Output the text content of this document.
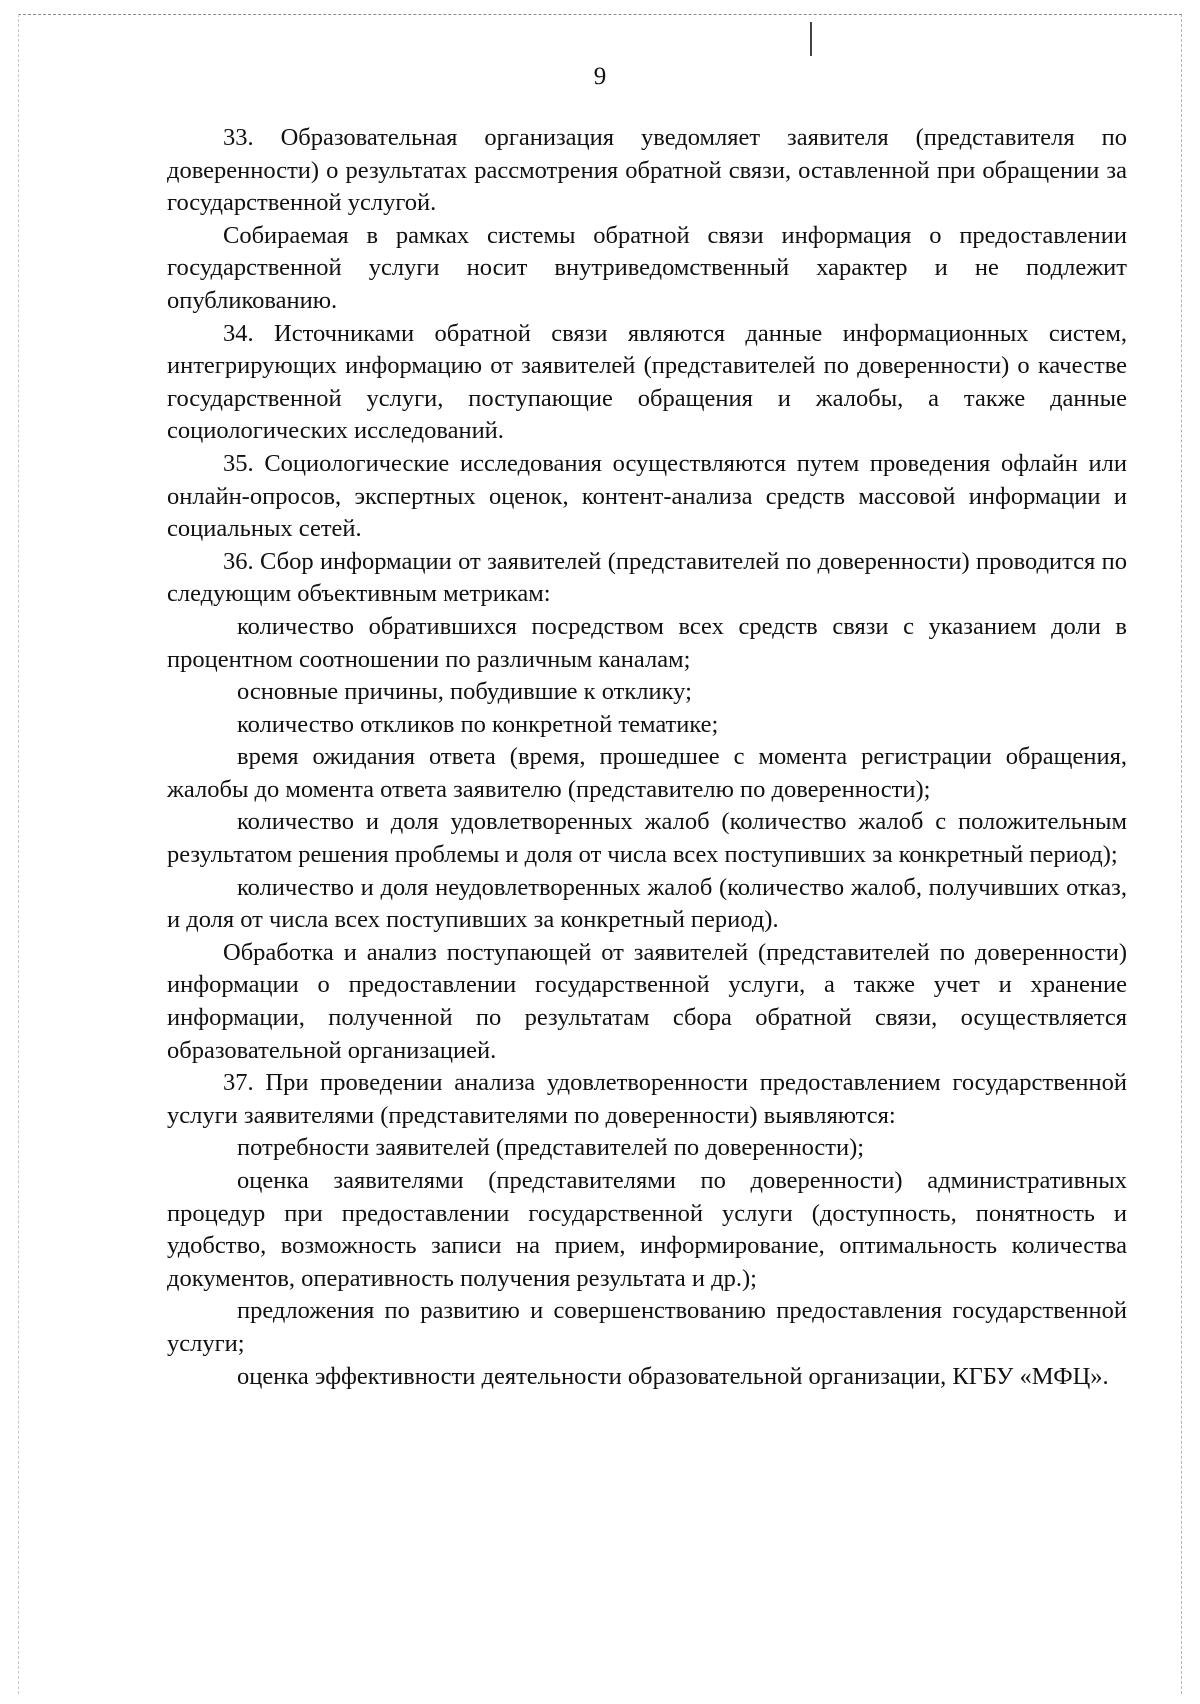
9

33. Образовательная организация уведомляет заявителя (представителя по доверенности) о результатах рассмотрения обратной связи, оставленной при обращении за государственной услугой.

Собираемая в рамках системы обратной связи информация о предоставлении государственной услуги носит внутриведомственный характер и не подлежит опубликованию.

34. Источниками обратной связи являются данные информационных систем, интегрирующих информацию от заявителей (представителей по доверенности) о качестве государственной услуги, поступающие обращения и жалобы, а также данные социологических исследований.

35. Социологические исследования осуществляются путем проведения офлайн или онлайн-опросов, экспертных оценок, контент-анализа средств массовой информации и социальных сетей.

36. Сбор информации от заявителей (представителей по доверенности) проводится по следующим объективным метрикам:

количество обратившихся посредством всех средств связи с указанием доли в процентном соотношении по различным каналам;

основные причины, побудившие к отклику;

количество откликов по конкретной тематике;

время ожидания ответа (время, прошедшее с момента регистрации обращения, жалобы до момента ответа заявителю (представителю по доверенности);

количество и доля удовлетворенных жалоб (количество жалоб с положительным результатом решения проблемы и доля от числа всех поступивших за конкретный период);

количество и доля неудовлетворенных жалоб (количество жалоб, получивших отказ, и доля от числа всех поступивших за конкретный период).

Обработка и анализ поступающей от заявителей (представителей по доверенности) информации о предоставлении государственной услуги, а также учет и хранение информации, полученной по результатам сбора обратной связи, осуществляется образовательной организацией.

37. При проведении анализа удовлетворенности предоставлением государственной услуги заявителями (представителями по доверенности) выявляются:

потребности заявителей (представителей по доверенности);

оценка заявителями (представителями по доверенности) административных процедур при предоставлении государственной услуги (доступность, понятность и удобство, возможность записи на прием, информирование, оптимальность количества документов, оперативность получения результата и др.);

предложения по развитию и совершенствованию предоставления государственной услуги;

оценка эффективности деятельности образовательной организации, КГБУ «МФЦ».
